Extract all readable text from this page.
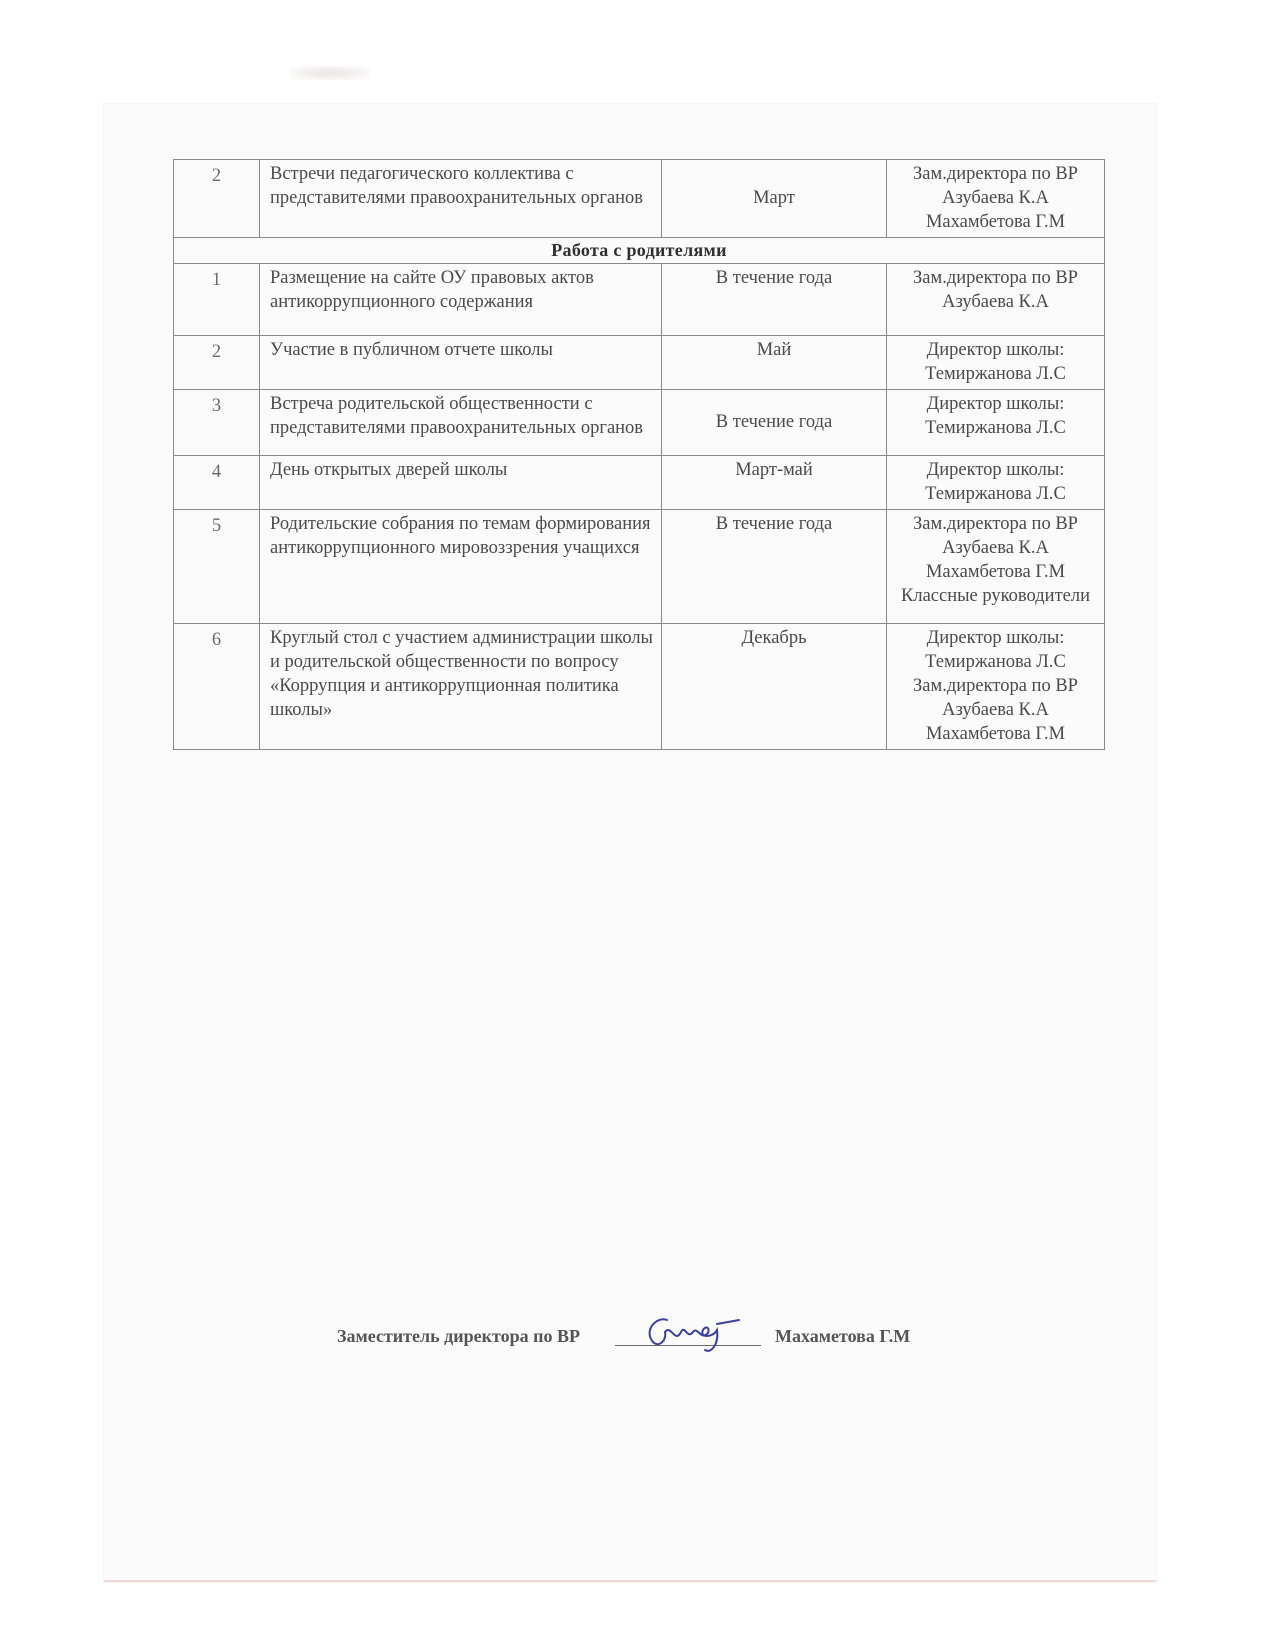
2	Встречи педагогического коллектива с представителями правоохранительных органов	Март	Зам.директора по ВР
Азубаева К.А
Махамбетова Г.М

Работа с родителями			
1	Размещение на сайте ОУ правовых актов антикоррупционного содержания	В течение года	Зам.директора по ВР
Азубаева К.А

2	Участие в публичном отчете школы	Май	Директор школы:
Темиржанова Л.С

3	Встреча родительской общественности с представителями правоохранительных органов	В течение года	Директор школы:
Темиржанова Л.С

4	День открытых дверей школы	Март-май	Директор школы:
Темиржанова Л.С

5	Родительские собрания по темам формирования антикоррупционного мировоззрения учащихся	В течение года	Зам.директора по ВР
Азубаева К.А
Махамбетова Г.М
Классные руководители

6	Круглый стол с участием администрации школы и родительской общественности по вопросу «Коррупция и антикоррупционная политика школы»	Декабрь	Директор школы:
Темиржанова Л.С
Зам.директора по ВР
Азубаева К.А
Махамбетова Г.М
Заместитель директора по ВР	Махаметова Г.М
